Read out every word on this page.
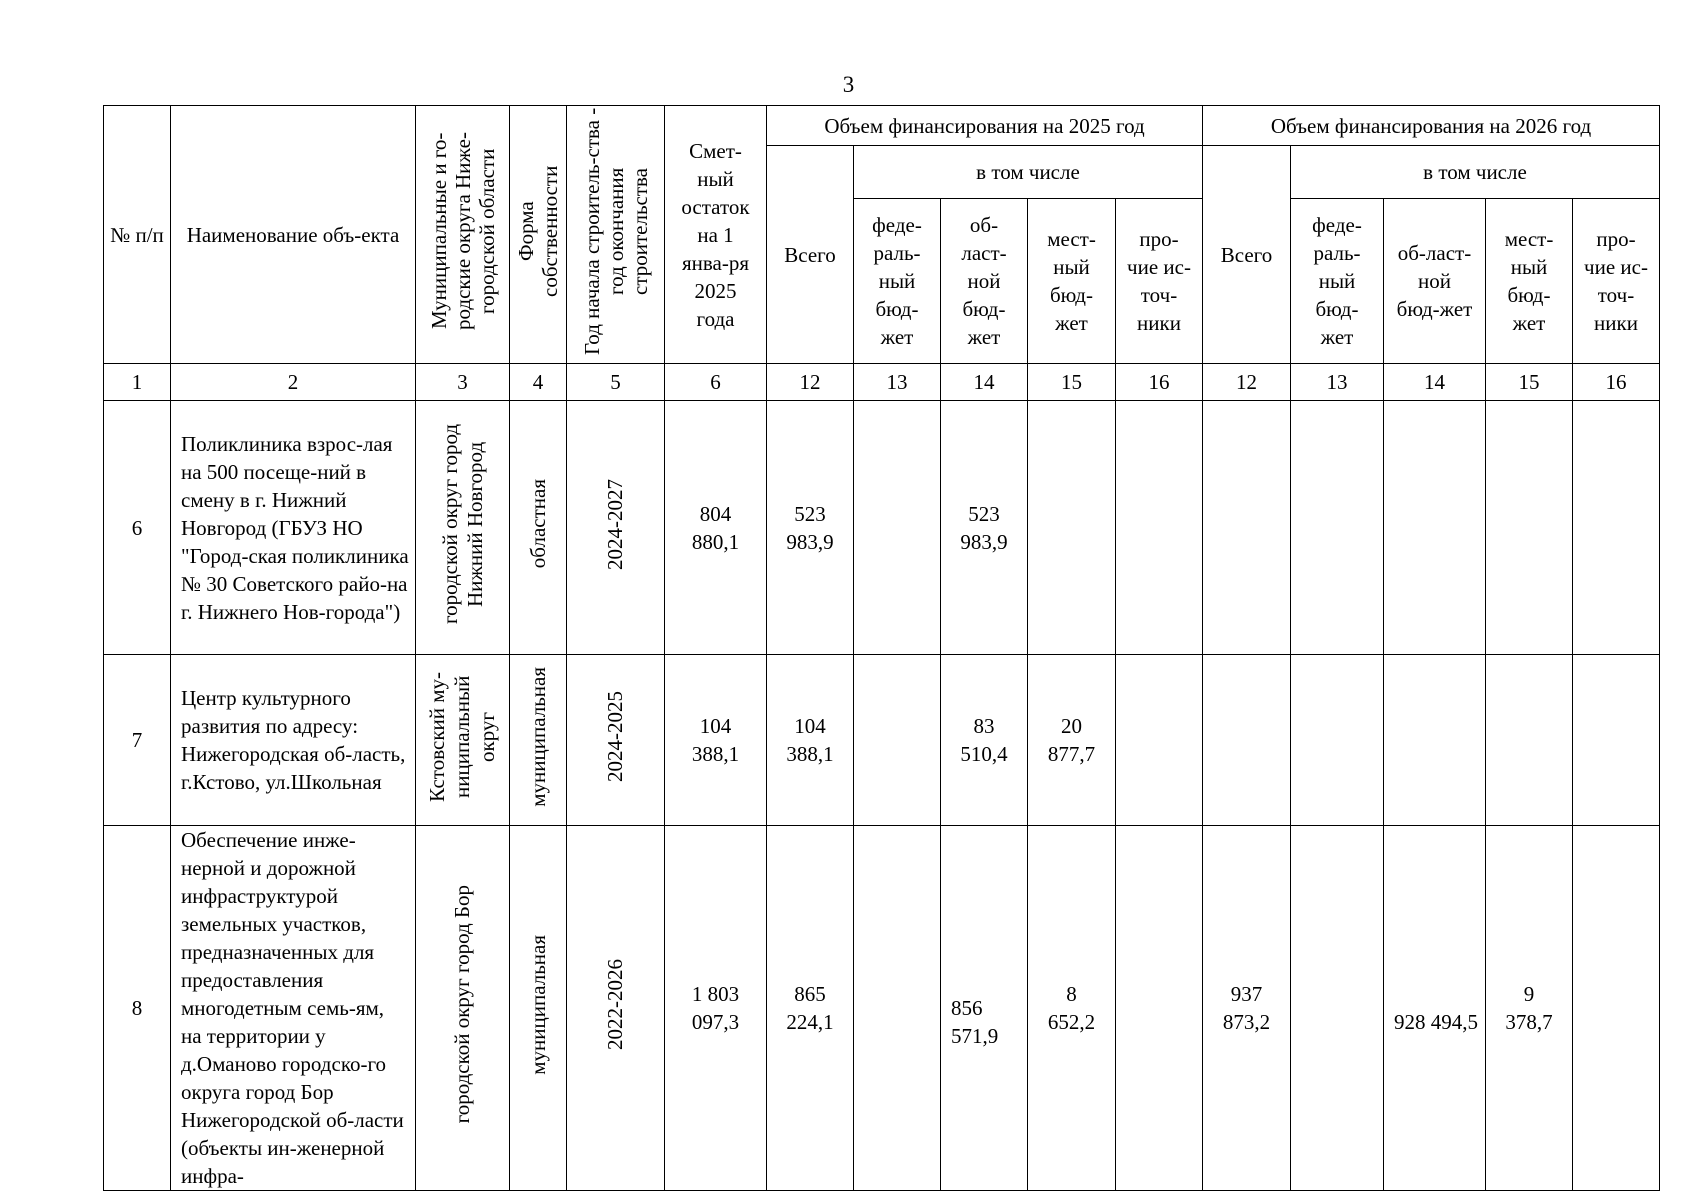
3
№ п/п	Наименование объ-екта	Муниципальные и го-родские округа Ниже-городской области	Форма собственности	Год начала строитель-ства - год окончания строительства	Смет-ный остаток на 1 янва-ря 2025 года	Объем финансирования на 2025 год					Объем финансирования на 2026 год				
						Всего	в том числе				Всего	в том числе			
							феде-раль-ный бюд-жет	об-ласт-ной бюд-жет	мест-ный бюд-жет	про-чие ис-точ-ники		феде-раль-ный бюд-жет	об-ласт-ной бюд-жет	мест-ный бюд-жет	про-чие ис-точ-ники
1	2	3	4	5	6	12	13	14	15	16	12	13	14	15	16
6	Поликлиника взрос-лая на 500 посеще-ний в смену в г. Нижний Новгород (ГБУЗ НО "Город-ская поликлиника № 30 Советского райо-на г. Нижнего Нов-города")	городской округ город Нижний Новгород	областная	2024-2027	804 880,1	523 983,9		523 983,9							
7	Центр культурного развития по адресу: Нижегородская об-ласть, г.Кстово, ул.Школьная	Кстовский му-ниципальный округ	муниципальная	2024-2025	104 388,1	104 388,1		83 510,4	20 877,7						
8	Обеспечение инже-нерной и дорожной инфраструктурой земельных участков, предназначенных для предоставления многодетным семь-ям, на территории у д.Оманово городско-го округа город Бор Нижегородской об-ласти (объекты ин-женерной инфра-	городской округ город Бор	муниципальная	2022-2026	1 803 097,3	865 224,1		856 571,9	8 652,2		937 873,2		928 494,5	9 378,7	
